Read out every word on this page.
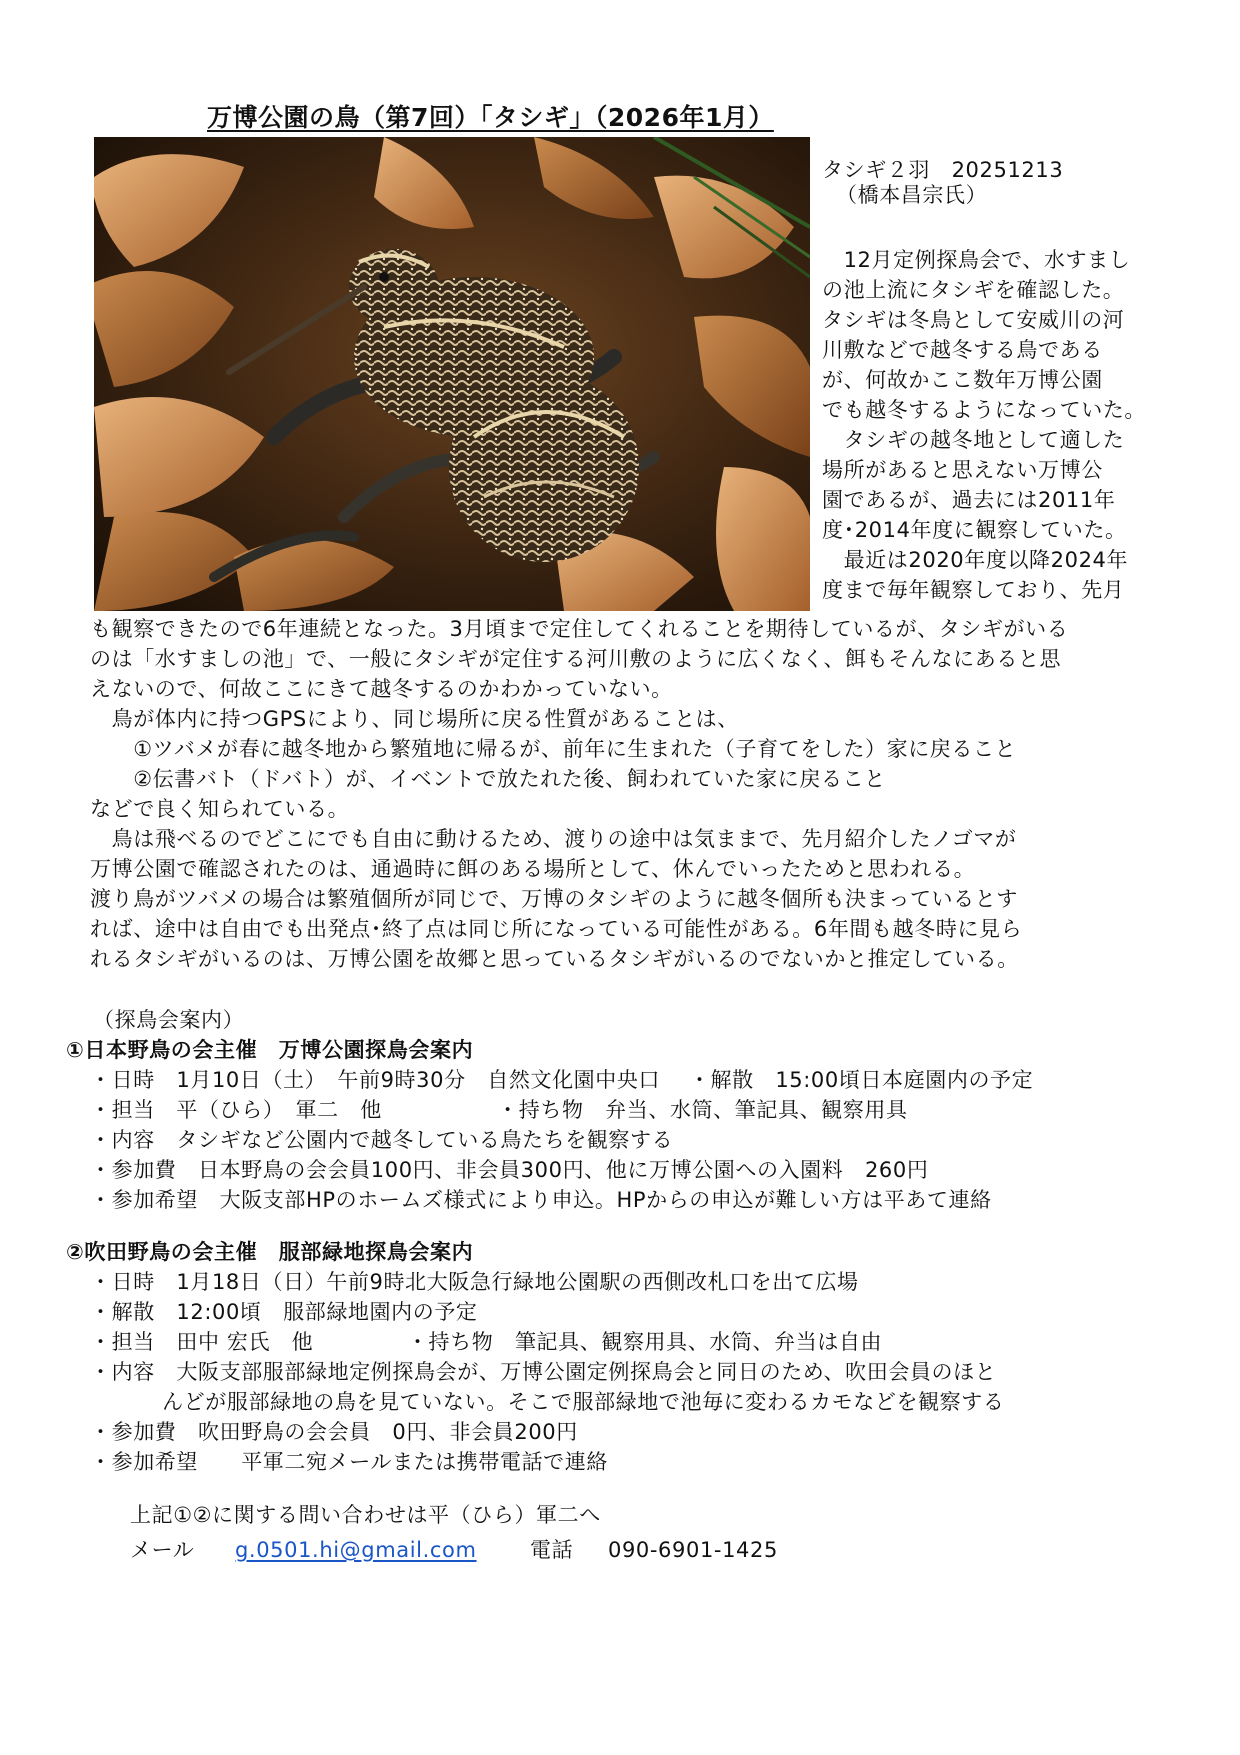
万博公園の鳥（第7回）「タシギ」（2026年1月）
タシギ２羽　20251213
（橋本昌宗氏）
　12月定例探鳥会で、水すまし
の池上流にタシギを確認した。
タシギは冬鳥として安威川の河
川敷などで越冬する鳥である
が、何故かここ数年万博公園
でも越冬するようになっていた。
　タシギの越冬地として適した
場所があると思えない万博公
園であるが、過去には2011年
度･2014年度に観察していた。
　最近は2020年度以降2024年
度まで毎年観察しており、先月
も観察できたので6年連続となった。3月頃まで定住してくれることを期待しているが、タシギがいる
のは「水すましの池」で、一般にタシギが定住する河川敷のように広くなく、餌もそんなにあると思
えないので、何故ここにきて越冬するのかわかっていない。
　鳥が体内に持つGPSにより、同じ場所に戻る性質があることは、
　　①ツバメが春に越冬地から繁殖地に帰るが、前年に生まれた（子育てをした）家に戻ること
　　②伝書バト（ドバト）が、イベントで放たれた後、飼われていた家に戻ること
などで良く知られている。
　鳥は飛べるのでどこにでも自由に動けるため、渡りの途中は気ままで、先月紹介したノゴマが
万博公園で確認されたのは、通過時に餌のある場所として、休んでいったためと思われる。
渡り鳥がツバメの場合は繁殖個所が同じで、万博のタシギのように越冬個所も決まっているとす
れば、途中は自由でも出発点･終了点は同じ所になっている可能性がある。6年間も越冬時に見ら
れるタシギがいるのは、万博公園を故郷と思っているタシギがいるのでないかと推定している。
（探鳥会案内）
①日本野鳥の会主催　万博公園探鳥会案内
・日時　1月10日（土）　午前9時30分　自然文化園中央口　 ・解散　15:00頃日本庭園内の予定
・担当　平（ひら）　軍二　他　　　　　 ・持ち物　弁当、水筒、筆記具、観察用具
・内容　タシギなど公園内で越冬している鳥たちを観察する
・参加費　日本野鳥の会会員100円、非会員300円、他に万博公園への入園料　260円
・参加希望　大阪支部HPのホームズ様式により申込。HPからの申込が難しい方は平あて連絡
②吹田野鳥の会主催　服部緑地探鳥会案内
・日時　1月18日（日）午前9時北大阪急行緑地公園駅の西側改札口を出て広場
・解散　12:00頃　服部緑地園内の予定
・担当　田中 宏氏　他　　　　 ・持ち物　筆記具、観察用具、水筒、弁当は自由
・内容　大阪支部服部緑地定例探鳥会が、万博公園定例探鳥会と同日のため、吹田会員のほと
　　　 んどが服部緑地の鳥を見ていない。そこで服部緑地で池毎に変わるカモなどを観察する
・参加費　吹田野鳥の会会員　0円、非会員200円
・参加希望　　平軍二宛メールまたは携帯電話で連絡
上記①②に関する問い合わせは平（ひら）軍二へ
メール g.0501.hi@gmail.com	電話 090-6901-1425
